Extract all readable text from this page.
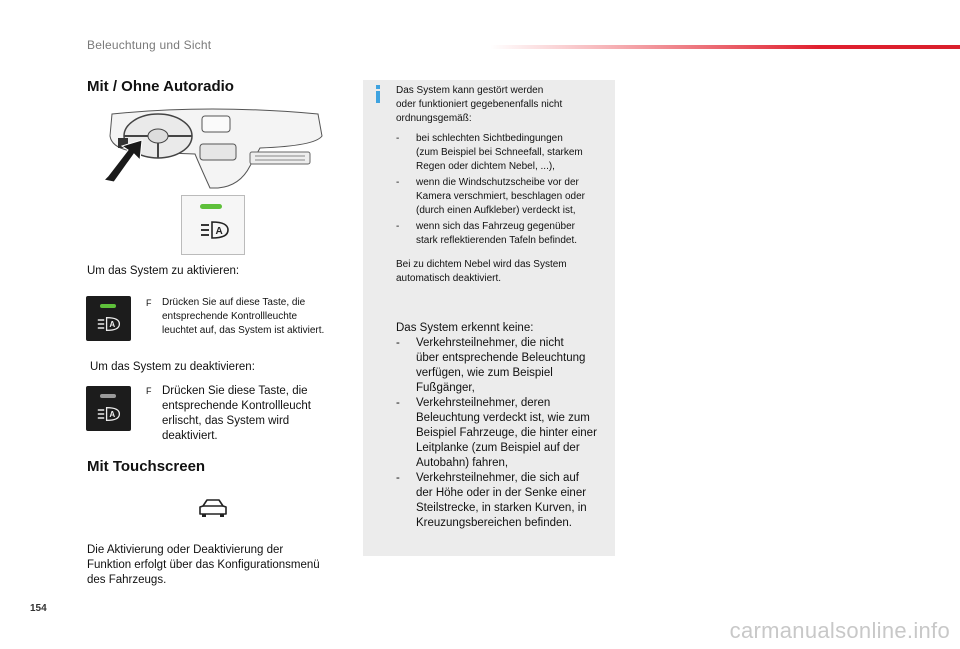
Beleuchtung und Sicht
Mit / Ohne Autoradio
A
Um das System zu aktivieren:
A
F Drücken Sie auf diese Taste, die
entsprechende Kontrollleuchte
leuchtet auf, das System ist aktiviert.
Um das System zu deaktivieren:
A
F Drücken Sie diese Taste, die
entsprechende Kontrollleucht
erlischt, das System wird
deaktiviert.
Mit Touchscreen
Die Aktivierung oder Deaktivierung der
Funktion erfolgt über das Konfigurationsmenü
des Fahrzeugs.
Das System kann gestört werden
oder funktioniert gegebenenfalls nicht
ordnungsgemäß:
- bei schlechten Sichtbedingungen
(zum Beispiel bei Schneefall, starkem
Regen oder dichtem Nebel, ...),
- wenn die Windschutzscheibe vor der
Kamera verschmiert, beschlagen oder
(durch einen Aufkleber) verdeckt ist,
- wenn sich das Fahrzeug gegenüber
stark reflektierenden Tafeln befindet.
Bei zu dichtem Nebel wird das System
automatisch deaktiviert.
Das System erkennt keine:
- Verkehrsteilnehmer, die nicht
über entsprechende Beleuchtung
verfügen, wie zum Beispiel
Fußgänger,
- Verkehrsteilnehmer, deren
Beleuchtung verdeckt ist, wie zum
Beispiel Fahrzeuge, die hinter einer
Leitplanke (zum Beispiel auf der
Autobahn) fahren,
- Verkehrsteilnehmer, die sich auf
der Höhe oder in der Senke einer
Steilstrecke, in starken Kurven, in
Kreuzungsbereichen befinden.
154
carmanualsonline.info
